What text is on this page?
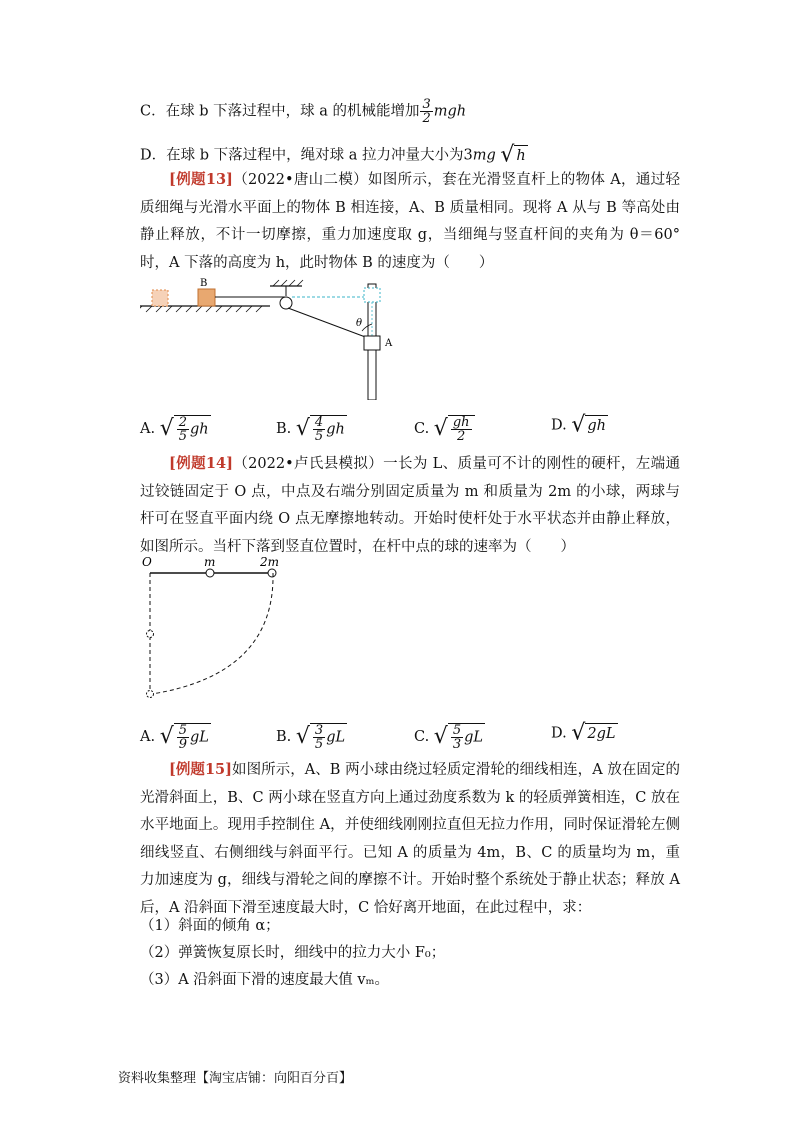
C．在球 b 下落过程中，球 a 的机械能增加 $\frac{3}{2}$ mgh
D．在球 b 下落过程中，绳对球 a 拉力冲量大小为3mg √ h
[例题13]（2022•唐山二模）如图所示，套在光滑竖直杆上的物体 A，通过轻质细绳与光滑水平面上的物体 B 相连接，A、B 质量相同。现将 A 从与 B 等高处由静止释放，不计一切摩擦，重力加速度取 g，当细绳与竖直杆间的夹角为 θ＝60°时，A 下落的高度为 h，此时物体 B 的速度为（　　）
B
θ
A
A. √ $\frac{2}{5}$ gh	B. √ $\frac{4}{5}$ gh	C. √ $\frac{gh}{2}$	D. √ gh
[例题14]（2022•卢氏县模拟）一长为 L、质量可不计的刚性的硬杆，左端通过铰链固定于 O 点，中点及右端分别固定质量为 m 和质量为 2m 的小球，两球与杆可在竖直平面内绕 O 点无摩擦地转动。开始时使杆处于水平状态并由静止释放，如图所示。当杆下落到竖直位置时，在杆中点的球的速率为（　　）
O	m	2m
A. √ $\frac{5}{9}$ gL	B. √ $\frac{3}{5}$ gL	C. √ $\frac{5}{3}$ gL	D. √ 2gL
[例题15]如图所示，A、B 两小球由绕过轻质定滑轮的细线相连，A 放在固定的光滑斜面上，B、C 两小球在竖直方向上通过劲度系数为 k 的轻质弹簧相连，C 放在水平地面上。现用手控制住 A，并使细线刚刚拉直但无拉力作用，同时保证滑轮左侧细线竖直、右侧细线与斜面平行。已知 A 的质量为 4m，B、C 的质量均为 m，重力加速度为 g，细线与滑轮之间的摩擦不计。开始时整个系统处于静止状态；释放 A 后，A 沿斜面下滑至速度最大时，C 恰好离开地面，在此过程中，求：
（1）斜面的倾角 α；
（2）弹簧恢复原长时，细线中的拉力大小 F₀；
（3）A 沿斜面下滑的速度最大值 vₘ。
资料收集整理【淘宝店铺：向阳百分百】
